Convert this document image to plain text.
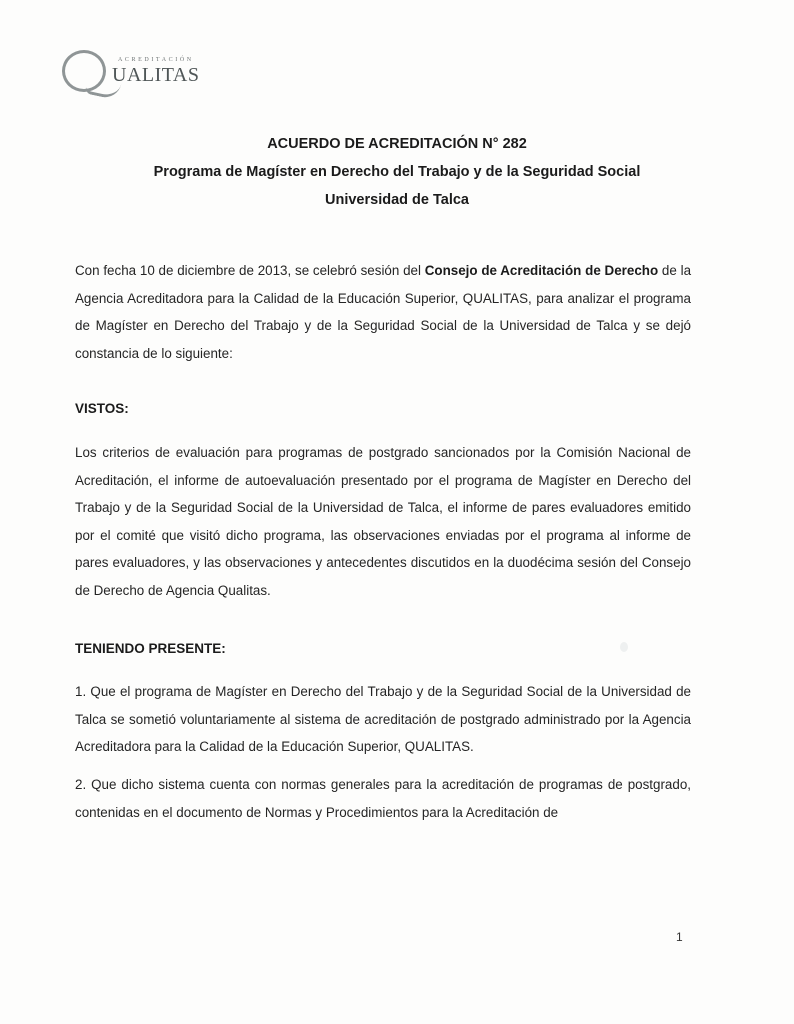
ACREDITACIÓN
UALITAS
ACUERDO DE ACREDITACIÓN N° 282
Programa de Magíster en Derecho del Trabajo y de la Seguridad Social
Universidad de Talca
Con fecha 10 de diciembre de 2013, se celebró sesión del Consejo de Acreditación de Derecho de la Agencia Acreditadora para la Calidad de la Educación Superior, QUALITAS, para analizar el programa de Magíster en Derecho del Trabajo y de la Seguridad Social de la Universidad de Talca y se dejó constancia de lo siguiente:
VISTOS:
Los criterios de evaluación para programas de postgrado sancionados por la Comisión Nacional de Acreditación, el informe de autoevaluación presentado por el programa de Magíster en Derecho del Trabajo y de la Seguridad Social de la Universidad de Talca, el informe de pares evaluadores emitido por el comité que visitó dicho programa, las observaciones enviadas por el programa al informe de pares evaluadores, y las observaciones y antecedentes discutidos en la duodécima sesión del Consejo de Derecho de Agencia Qualitas.
TENIENDO PRESENTE:
1. Que el programa de Magíster en Derecho del Trabajo y de la Seguridad Social de la Universidad de Talca se sometió voluntariamente al sistema de acreditación de postgrado administrado por la Agencia Acreditadora para la Calidad de la Educación Superior, QUALITAS.
2. Que dicho sistema cuenta con normas generales para la acreditación de programas de postgrado, contenidas en el documento de Normas y Procedimientos para la Acreditación de
1
